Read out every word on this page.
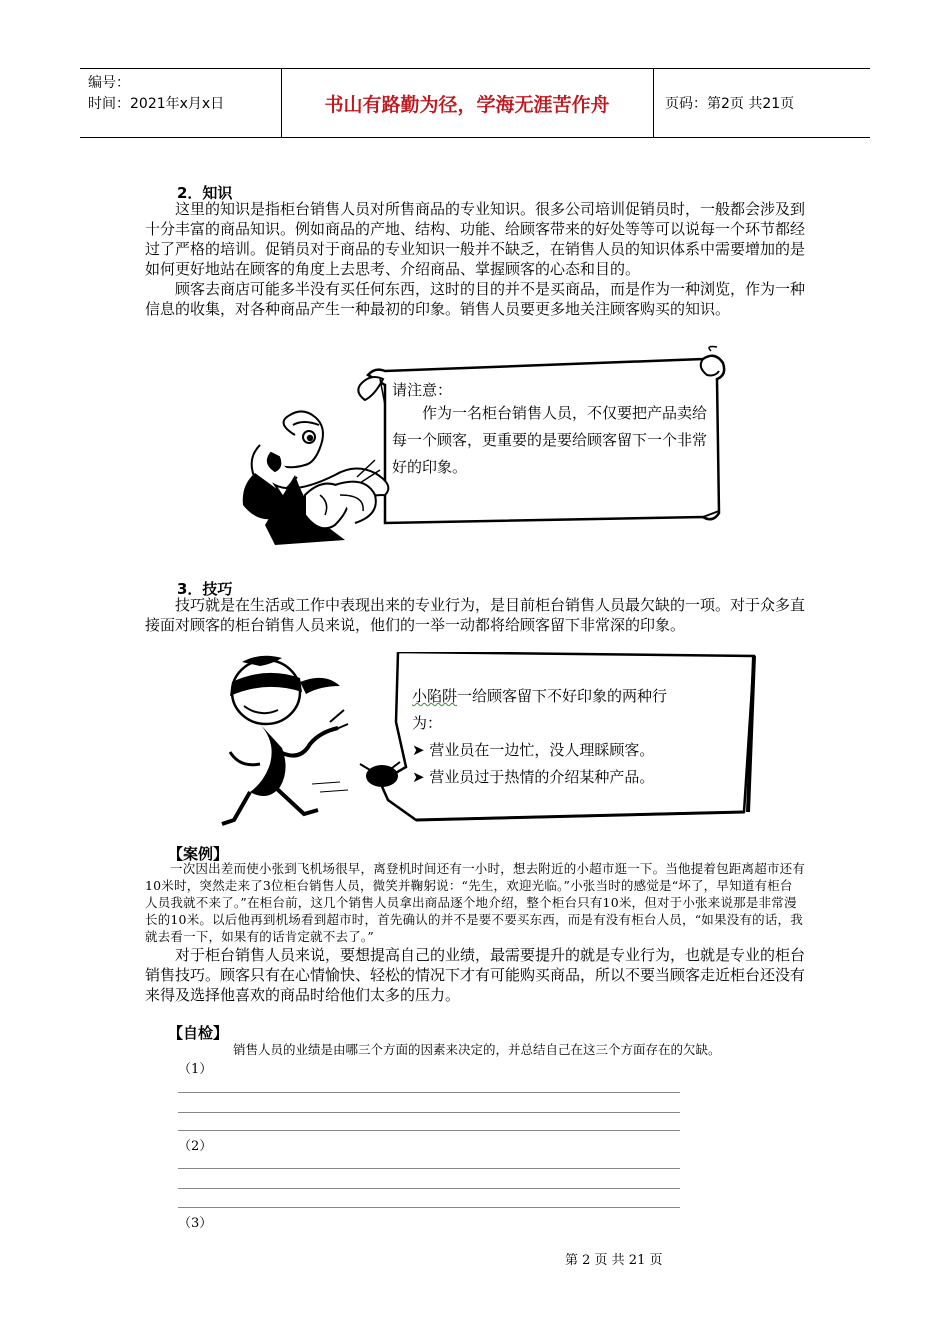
编号：
时间：2021年x月x日	书山有路勤为径，学海无涯苦作舟	页码：第2页 共21页
2．知识

这里的知识是指柜台销售人员对所售商品的专业知识。很多公司培训促销员时，一般都会涉及到十分丰富的商品知识。例如商品的产地、结构、功能、给顾客带来的好处等等可以说每一个环节都经过了严格的培训。促销员对于商品的专业知识一般并不缺乏，在销售人员的知识体系中需要增加的是如何更好地站在顾客的角度上去思考、介绍商品、掌握顾客的心态和目的。

顾客去商店可能多半没有买任何东西，这时的目的并不是买商品，而是作为一种浏览，作为一种信息的收集，对各种商品产生一种最初的印象。销售人员要更多地关注顾客购买的知识。

请注意：

作为一名柜台销售人员，不仅要把产品卖给每一个顾客，更重要的是要给顾客留下一个非常好的印象。

3．技巧

技巧就是在生活或工作中表现出来的专业行为，是目前柜台销售人员最欠缺的一项。对于众多直接面对顾客的柜台销售人员来说，他们的一举一动都将给顾客留下非常深的印象。

小陷阱一给顾客留下不好印象的两种行为：

➤ 营业员在一边忙，没人理睬顾客。
➤ 营业员过于热情的介绍某种产品。
【案例】

一次因出差而使小张到飞机场很早，离登机时间还有一小时，想去附近的小超市逛一下。当他提着包距离超市还有10米时，突然走来了3位柜台销售人员，微笑并鞠躬说：“先生，欢迎光临。”小张当时的感觉是“坏了，早知道有柜台人员我就不来了。”在柜台前，这几个销售人员拿出商品逐个地介绍，整个柜台只有10米，但对于小张来说那是非常漫长的10米。以后他再到机场看到超市时，首先确认的并不是要不要买东西，而是有没有柜台人员，“如果没有的话，我就去看一下，如果有的话肯定就不去了。”

对于柜台销售人员来说，要想提高自己的业绩，最需要提升的就是专业行为，也就是专业的柜台销售技巧。顾客只有在心情愉快、轻松的情况下才有可能购买商品，所以不要当顾客走近柜台还没有来得及选择他喜欢的商品时给他们太多的压力。

【自检】
销售人员的业绩是由哪三个方面的因素来决定的，并总结自己在这三个方面存在的欠缺。
（1）
（2）
（3）
第 2 页 共 21 页
